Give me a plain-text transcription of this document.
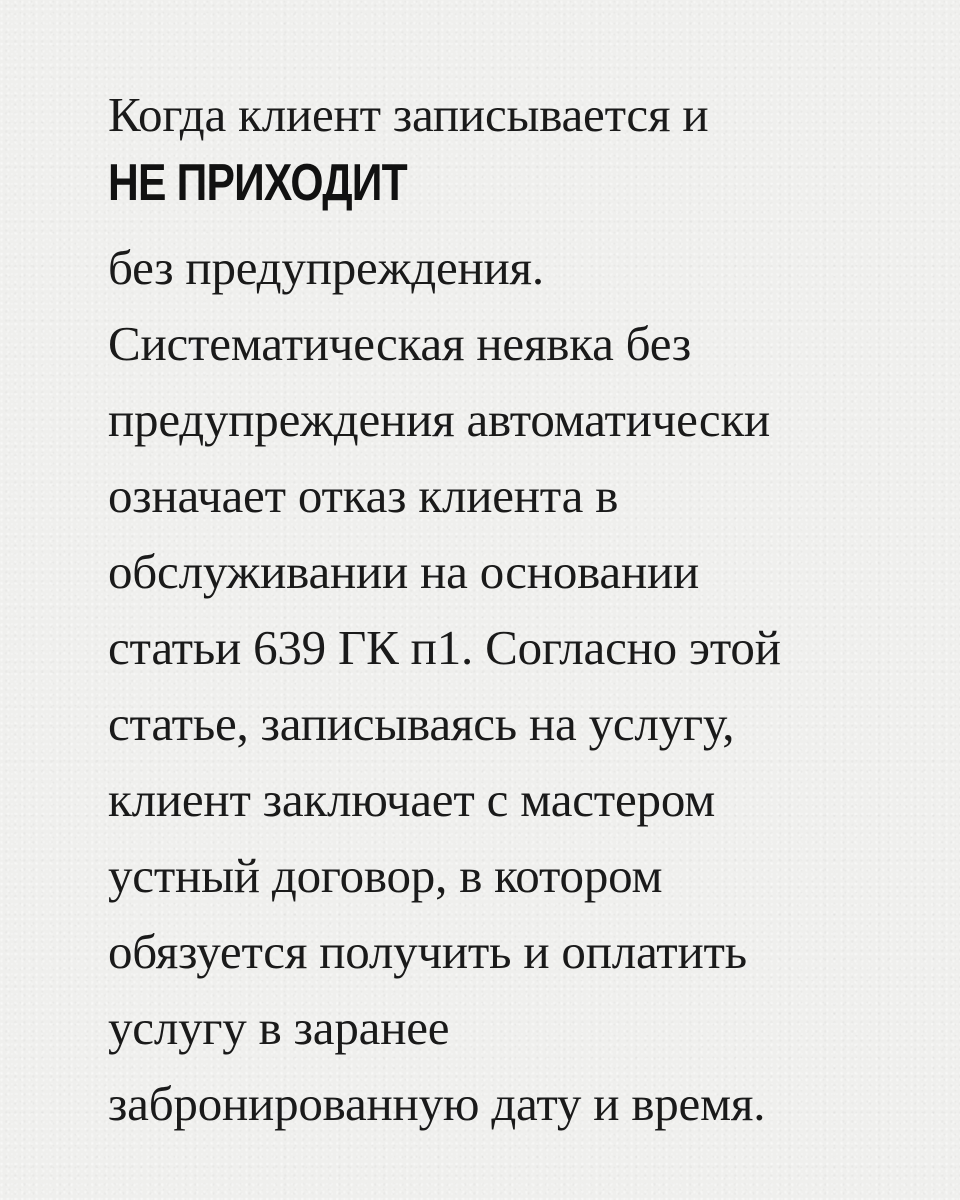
Когда клиент записывается и
НЕ ПРИХОДИТ
без предупреждения.
Систематическая неявка без
предупреждения автоматически
означает отказ клиента в
обслуживании на основании
статьи 639 ГК п1. Согласно этой
статье, записываясь на услугу,
клиент заключает с мастером
устный договор, в котором
обязуется получить и оплатить
услугу в заранее
забронированную дату и время.
